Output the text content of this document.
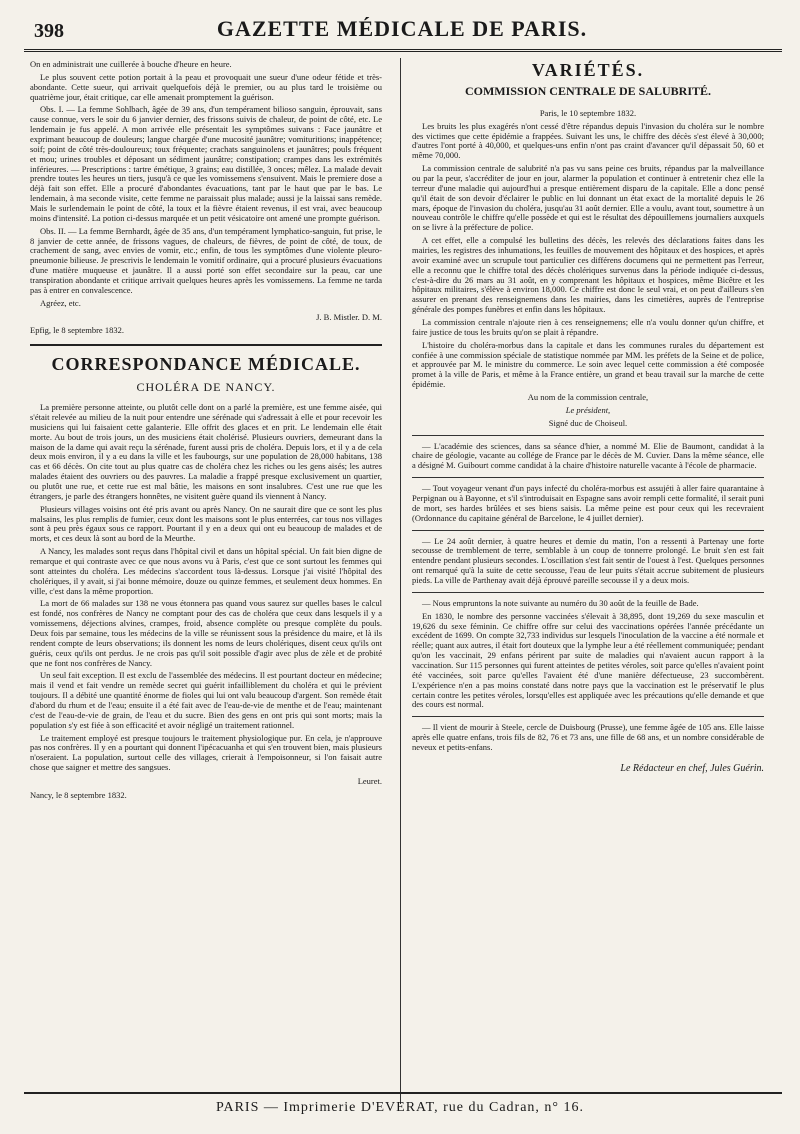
398	GAZETTE MÉDICALE DE PARIS.

On en administrait une cuillerée à bouche d'heure en heure.

Le plus souvent cette potion portait à la peau et provoquait une sueur d'une odeur fétide et très-abondante. Cette sueur, qui arrivait quelquefois déjà le premier, ou au plus tard le troisième ou quatrième jour, était critique, car elle amenait promptement la guérison.

Obs. I. — La femme Sohlbach, âgée de 39 ans, d'un tempérament bilioso sanguin, éprouvait, sans cause connue, vers le soir du 6 janvier dernier, des frissons suivis de chaleur, de point de côté, etc. Le lendemain je fus appelé. A mon arrivée elle présentait les symptômes suivans : Face jaunâtre et exprimant beaucoup de douleurs; langue chargée d'une mucosité jaunâtre; vomituritions; inappétence; soif; point de côté très-douloureux; toux fréquente; crachats sanguinolens et jaunâtres; pouls fréquent et mou; urines troubles et déposant un sédiment jaunâtre; constipation; crampes dans les extrémités inférieures. — Prescriptions : tartre émétique, 3 grains; eau distillée, 3 onces; mêlez. La malade devait prendre toutes les heures un tiers, jusqu'à ce que les vomissemens s'ensuivent. Mais le premiere dose a déjà fait son effet. Elle a procuré d'abondantes évacuations, tant par le haut que par le bas. Le lendemain, à ma seconde visite, cette femme ne paraissait plus malade; aussi je la laissai sans remède. Mais le surlendemain le point de côté, la toux et la fièvre étaient revenus, il est vrai, avec beaucoup moins d'intensité. La potion ci-dessus marquée et un petit vésicatoire ont amené une prompte guérison.

Obs. II. — La femme Bernhardt, âgée de 35 ans, d'un tempérament lymphatico-sanguin, fut prise, le 8 janvier de cette année, de frissons vagues, de chaleurs, de fièvres, de point de côté, de toux, de crachement de sang, avec envies de vomir, etc.; enfin, de tous les symptômes d'une violente pleuro-pneumonie bilieuse. Je prescrivis le lendemain le vomitif ordinaire, qui a procuré plusieurs évacuations d'une matière muqueuse et jaunâtre. Il a aussi porté son effet secondaire sur la peau, car une transpiration abondante et critique arrivait quelques heures après les vomissemens. La femme ne tarda pas à entrer en convalescence.

Agréez, etc.

J. B. Mistler. D. M.

Epfig, le 8 septembre 1832.

CORRESPONDANCE MÉDICALE.
CHOLÉRA DE NANCY.

La première personne atteinte, ou plutôt celle dont on a parlé la première, est une femme aisée, qui s'était relevée au milieu de la nuit pour entendre une sérénade qui s'adressait à elle et pour recevoir les musiciens qui lui faisaient cette galanterie. Elle offrit des glaces et en prit. Le lendemain elle était morte. Au bout de trois jours, un des musiciens était cholérisé. Plusieurs ouvriers, demeurant dans la maison de la dame qui avait reçu la sérénade, furent aussi pris de choléra. Depuis lors, et il y a de cela deux mois environ, il y a eu dans la ville et les faubourgs, sur une population de 28,000 habitans, 138 cas et 66 décès. On cite tout au plus quatre cas de choléra chez les riches ou les gens aisés; les autres malades étaient des ouvriers ou des pauvres. La maladie a frappé presque exclusivement un quartier, ou plutôt une rue, et cette rue est mal bâtie, les maisons en sont insalubres. C'est une rue que les étrangers, je parle des étrangers honnêtes, ne visitent guère quand ils viennent à Nancy.

Plusieurs villages voisins ont été pris avant ou après Nancy. On ne saurait dire que ce sont les plus malsains, les plus remplis de fumier, ceux dont les maisons sont le plus enterrées, car tous nos villages sont à peu près égaux sous ce rapport. Pourtant il y en a deux qui ont eu beaucoup de malades et de morts, et ces deux là sont au bord de la Meurthe.

A Nancy, les malades sont reçus dans l'hôpital civil et dans un hôpital spécial. Un fait bien digne de remarque et qui contraste avec ce que nous avons vu à Paris, c'est que ce sont surtout les femmes qui sont atteintes du choléra. Les médecins s'accordent tous là-dessus. Lorsque j'ai visité l'hôpital des cholériques, il y avait, si j'ai bonne mémoire, douze ou quinze femmes, et seulement deux hommes. En ville, c'est dans la même proportion.

La mort de 66 malades sur 138 ne vous étonnera pas quand vous saurez sur quelles bases le calcul est fondé, nos confrères de Nancy ne comptant pour des cas de choléra que ceux dans lesquels il y a vomissemens, déjections alvines, crampes, froid, absence complète ou presque complète du pouls. Deux fois par semaine, tous les médecins de la ville se réunissent sous la présidence du maire, et là ils rendent compte de leurs observations; ils donnent les noms de leurs cholériques, disent ceux qu'ils ont guéris, ceux qu'ils ont perdus. Je ne crois pas qu'il soit possible d'agir avec plus de zèle et de probité que ne font nos confrères de Nancy.

Un seul fait exception. Il est exclu de l'assemblée des médecins. Il est pourtant docteur en médecine; mais il vend et fait vendre un remède secret qui guérit infailliblement du choléra et qui le prévient toujours. Il a débité une quantité énorme de fioles qui lui ont valu beaucoup d'argent. Son remède était d'abord du rhum et de l'eau; ensuite il a été fait avec de l'eau-de-vie de menthe et de l'eau; maintenant c'est de l'eau-de-vie de grain, de l'eau et du sucre. Bien des gens en ont pris qui sont morts; mais la population s'y est fiée à son efficacité et avoir négligé un traitement rationnel.

Le traitement employé est presque toujours le traitement physiologique pur. En cela, je n'approuve pas nos confrères. Il y en a pourtant qui donnent l'ipécacuanha et qui s'en trouvent bien, mais plusieurs n'oseraient. La population, surtout celle des villages, crierait à l'empoisonneur, si l'on faisait autre chose que saigner et mettre des sangsues.

Leuret.

Nancy, le 8 septembre 1832.

VARIÉTÉS.
COMMISSION CENTRALE DE SALUBRITÉ.

Paris, le 10 septembre 1832.

Les bruits les plus exagérés n'ont cessé d'être répandus depuis l'invasion du choléra sur le nombre des victimes que cette épidémie a frappées. Suivant les uns, le chiffre des décès s'est élevé à 30,000; d'autres l'ont porté à 40,000, et quelques-uns enfin n'ont pas craint d'avancer qu'il dépassait 50, 60 et même 70,000.

La commission centrale de salubrité n'a pas vu sans peine ces bruits, répandus par la malveillance ou par la peur, s'accréditer de jour en jour, alarmer la population et continuer à entretenir chez elle la terreur d'une maladie qui aujourd'hui a presque entièrement disparu de la capitale. Elle a donc pensé qu'il était de son devoir d'éclairer le public en lui donnant un état exact de la mortalité depuis le 26 mars, époque de l'invasion du choléra, jusqu'au 31 août dernier. Elle a voulu, avant tout, soumettre à un nouveau contrôle le chiffre qu'elle possède et qui est le résultat des dépouillemens journaliers auxquels on se livre à la préfecture de police.

A cet effet, elle a compulsé les bulletins des décès, les relevés des déclarations faites dans les mairies, les registres des inhumations, les feuilles de mouvement des hôpitaux et des hospices, et après avoir examiné avec un scrupule tout particulier ces différens documens qui ne permettent pas l'erreur, elle a reconnu que le chiffre total des décès cholériques survenus dans la période indiquée ci-dessus, c'est-à-dire du 26 mars au 31 août, en y comprenant les hôpitaux et hospices, même Bicêtre et les hôpitaux militaires, s'élève à environ 18,000. Ce chiffre est donc le seul vrai, et on peut d'ailleurs s'en assurer en prenant des renseignemens dans les mairies, dans les cimetières, auprès de l'entreprise générale des pompes funèbres et enfin dans les hôpitaux.

La commission centrale n'ajoute rien à ces renseignemens; elle n'a voulu donner qu'un chiffre, et faire justice de tous les bruits qu'on se plait à répandre.

L'histoire du choléra-morbus dans la capitale et dans les communes rurales du département est confiée à une commission spéciale de statistique nommée par MM. les préfets de la Seine et de police, et approuvée par M. le ministre du commerce. Le soin avec lequel cette commission a été composée promet à la ville de Paris, et même à la France entière, un grand et beau travail sur la marche de cette épidémie.

Au nom de la commission centrale,

Le président,

Signé duc de Choiseul.

— L'académie des sciences, dans sa séance d'hier, a nommé M. Elie de Baumont, candidat à la chaire de géologie, vacante au collége de France par le décès de M. Cuvier. Dans la même séance, elle a désigné M. Guibourt comme candidat à la chaire d'histoire naturelle vacante à l'école de pharmacie.

— Tout voyageur venant d'un pays infecté du choléra-morbus est assujéti à aller faire quarantaine à Perpignan ou à Bayonne, et s'il s'introduisait en Espagne sans avoir rempli cette formalité, il serait puni de mort, ses hardes brûlées et ses biens saisis. La même peine est pour ceux qui les recevraient (Ordonnance du capitaine général de Barcelone, le 4 juillet dernier).

— Le 24 août dernier, à quatre heures et demie du matin, l'on a ressenti à Partenay une forte secousse de tremblement de terre, semblable à un coup de tonnerre prolongé. Le bruit s'en est fait entendre pendant plusieurs secondes. L'oscillation s'est fait sentir de l'ouest à l'est. Quelques personnes ont remarqué qu'à la suite de cette secousse, l'eau de leur puits s'était accrue subitement de plusieurs pieds. La ville de Parthenay avait déjà éprouvé pareille secousse il y a deux mois.

— Nous empruntons la note suivante au numéro du 30 août de la feuille de Bade.

En 1830, le nombre des personne vaccinées s'élevait à 38,895, dont 19,269 du sexe masculin et 19,626 du sexe féminin. Ce chiffre offre sur celui des vaccinations opérées l'année précédante un excédent de 1699. On compte 32,733 individus sur lesquels l'inoculation de la vaccine a été normale et réelle; quant aux autres, il était fort douteux que la lymphe leur a été réellement communiquée; pendant qu'on les vaccinait, 29 enfans périrent par suite de maladies qui n'avaient aucun rapport à la vaccination. Sur 115 personnes qui furent atteintes de petites véroles, soit parce qu'elles n'avaient point été vaccinées, soit parce qu'elles l'avaient été d'une manière défectueuse, 23 succombèrent. L'expérience n'en a pas moins constaté dans notre pays que la vaccination est le préservatif le plus certain contre les petites véroles, lorsqu'elles est appliquée avec les précautions qu'elle demande et que des cours est normal.

— Il vient de mourir à Steele, cercle de Duisbourg (Prusse), une femme âgée de 105 ans. Elle laisse après elle quatre enfans, trois fils de 82, 76 et 73 ans, une fille de 68 ans, et un nombre considérable de neveux et petits-enfans.

Le Rédacteur en chef, Jules Guérin.
PARIS — Imprimerie D'EVERAT, rue du Cadran, n° 16.
